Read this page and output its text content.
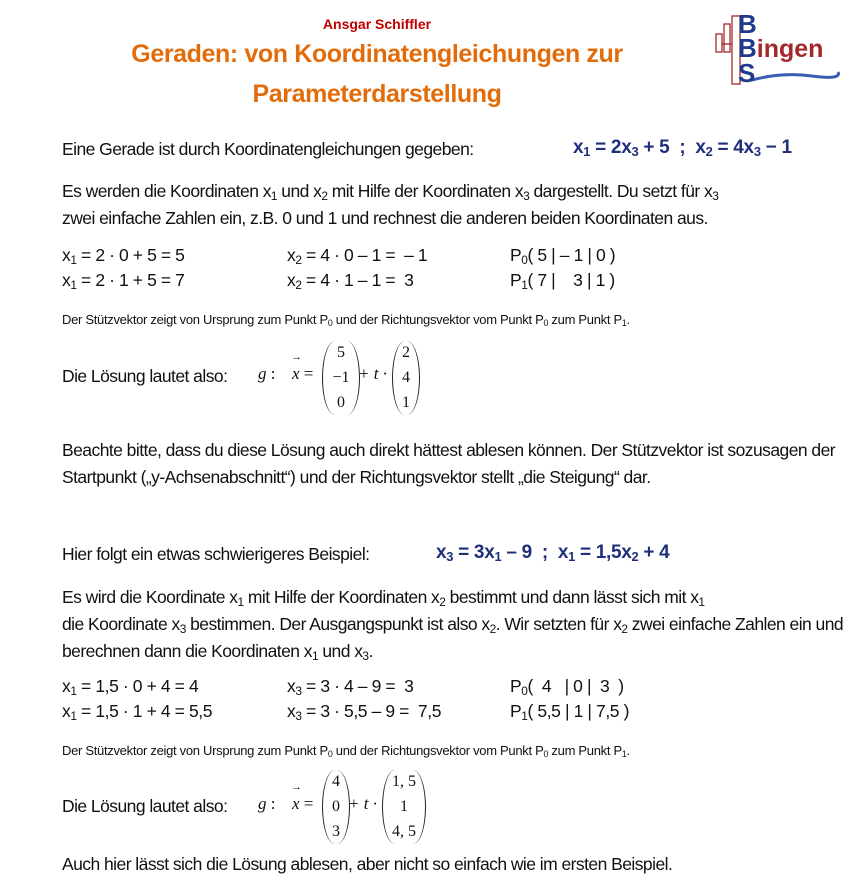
Ansgar Schiffler
Geraden: von Koordinatengleichungen zur
Parameterdarstellung
B
B ingen
S
Eine Gerade ist durch Koordinatengleichungen gegeben:	$x_1 = 2x_3 + 5$  ;  $x_2 = 4x_3 - 1$
Es werden die Koordinaten $x_1$ und $x_2$ mit Hilfe der Koordinaten $x_3$ dargestellt. Du setzt für $x_3$
zwei einfache Zahlen ein, z.B. 0 und 1 und rechnest die anderen beiden Koordinaten aus.
$x_1 = 2 \cdot 0 + 5 = 5$	$x_2 = 4 \cdot 0 - 1$ =  – 1	$P_0$( 5 | – 1 | 0 )
$x_1 = 2 \cdot 1 + 5 = 7$	$x_2 = 4 \cdot 1 - 1 = 3$	$P_1$( 7 |    3 | 1 )
Der Stützvektor zeigt von Ursprung zum Punkt $P_0$ und der Richtungsvektor vom Punkt $P_0$ zum Punkt $P_1$.
Die Lösung lautet also: g : → x =
5
−1
0
+ t ·
2
4
1
Beachte bitte, dass du diese Lösung auch direkt hättest ablesen können. Der Stützvektor ist sozusagen der Startpunkt („y-Achsenabschnitt“) und der Richtungsvektor stellt „die Steigung“ dar.
Hier folgt ein etwas schwierigeres Beispiel:	$x_3 = 3x_1 - 9$  ;  $x_1 = 1,5x_2 + 4$
Es wird die Koordinate $x_1$ mit Hilfe der Koordinaten $x_2$ bestimmt und dann lässt sich mit $x_1$
die Koordinate $x_3$ bestimmen. Der Ausgangspunkt ist also $x_2$. Wir setzten für $x_2$ zwei einfache Zahlen ein und berechnen dann die Koordinaten $x_1$ und $x_3$.
$x_1 = 1,5 \cdot 0 + 4 = 4$	$x_3 = 3 \cdot 4 - 9 = 3$	$P_0$(  4   | 0 |  3  )
$x_1 = 1,5 \cdot 1 + 4 = 5,5$	$x_3 = 3 \cdot 5,5 - 9 = 7,5$	$P_1$( 5,5 | 1 | 7,5 )
Der Stützvektor zeigt von Ursprung zum Punkt $P_0$ und der Richtungsvektor vom Punkt $P_0$ zum Punkt $P_1$.
Die Lösung lautet also: g : → x =
4
0
3
+ t ·
1, 5
1
4, 5
Auch hier lässt sich die Lösung ablesen, aber nicht so einfach wie im ersten Beispiel.
